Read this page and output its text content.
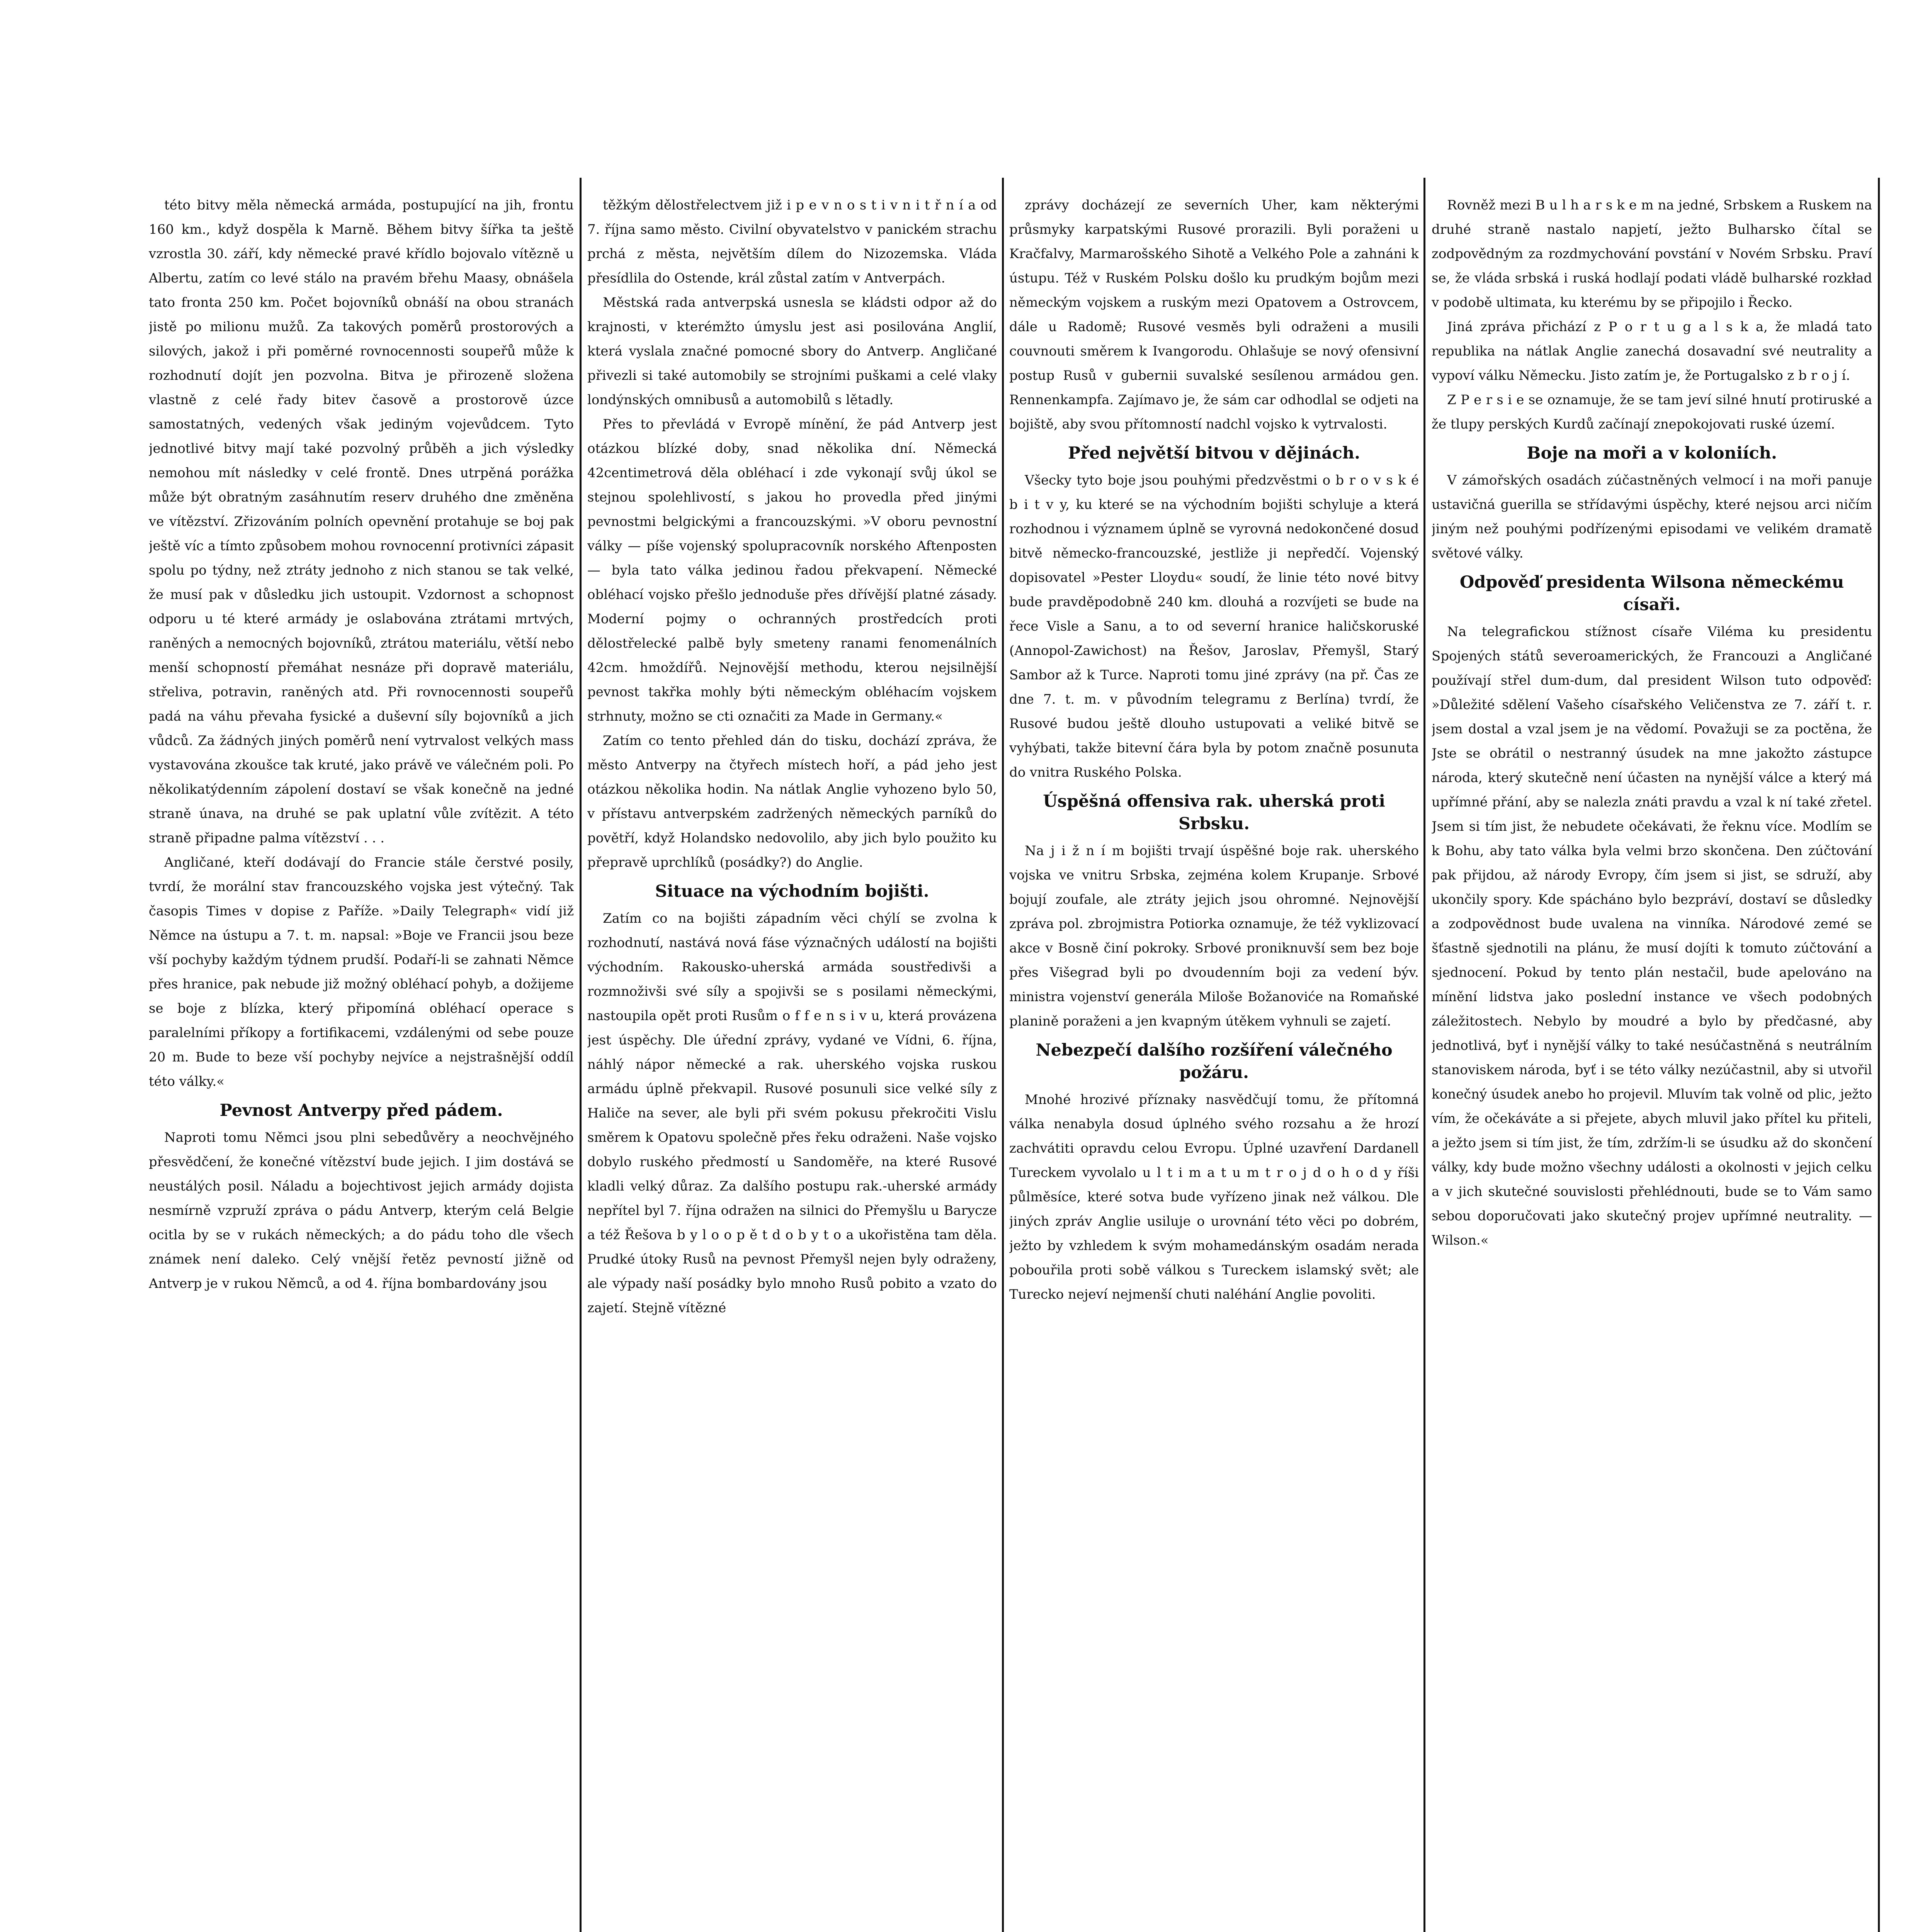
této bitvy měla německá armáda, postupující na jih, frontu 160 km., když dospěla k Marně. Během bitvy šířka ta ještě vzrostla 30. září, kdy německé pravé křídlo bojovalo vítězně u Albertu, zatím co levé stálo na pravém břehu Maasy, obnášela tato fronta 250 km. Počet bojovníků obnáší na obou stranách jistě po milionu mužů. Za takových poměrů prostorových a silových, jakož i při poměrné rovnocennosti soupeřů může k rozhodnutí dojít jen pozvolna. Bitva je přirozeně složena vlastně z celé řady bitev časově a prostorově úzce samostatných, vedených však jediným vojevůdcem. Tyto jednotlivé bitvy mají také pozvolný průběh a jich výsledky nemohou mít následky v celé frontě. Dnes utrpěná porážka může být obratným zasáhnutím reserv druhého dne změněna ve vítězství. Zřizováním polních opevnění protahuje se boj pak ještě víc a tímto způsobem mohou rovnocenní protivníci zápasit spolu po týdny, než ztráty jednoho z nich stanou se tak velké, že musí pak v důsledku jich ustoupit. Vzdornost a schopnost odporu u té které armády je oslabována ztrátami mrtvých, raněných a nemocných bojovníků, ztrátou materiálu, větší nebo menší schopností přemáhat nesnáze při dopravě materiálu, střeliva, potravin, raněných atd. Při rovnocennosti soupeřů padá na váhu převaha fysické a duševní síly bojovníků a jich vůdců. Za žádných jiných poměrů není vytrvalost velkých mass vystavována zkoušce tak kruté, jako právě ve válečném poli. Po několikatýdenním zápolení dostaví se však konečně na jedné straně únava, na druhé se pak uplatní vůle zvítězit. A této straně připadne palma vítězství . . .

Angličané, kteří dodávají do Francie stále čerstvé posily, tvrdí, že morální stav francouzského vojska jest výtečný. Tak časopis Times v dopise z Paříže. »Daily Telegraph« vidí již Němce na ústupu a 7. t. m. napsal: »Boje ve Francii jsou beze vší pochyby každým týdnem prudší. Podaří-li se zahnati Němce přes hranice, pak nebude již možný obléhací pohyb, a dožijeme se boje z blízka, který připomíná obléhací operace s paralelními příkopy a fortifikacemi, vzdálenými od sebe pouze 20 m. Bude to beze vší pochyby nejvíce a nejstrašnější oddíl této války.«

Pevnost Antverpy před pádem.

Naproti tomu Němci jsou plni sebedůvěry a neochvějného přesvědčení, že konečné vítězství bude jejich. I jim dostává se neustálých posil. Náladu a bojechtivost jejich armády dojista nesmírně vzpruží zpráva o pádu Antverp, kterým celá Belgie ocitla by se v rukách německých; a do pádu toho dle všech známek není daleko. Celý vnější řetěz pevností jižně od Antverp je v rukou Němců, a od 4. října bombardovány jsou

těžkým dělostřelectvem již i p e v n o s t i v n i t ř n í a od 7. října samo město. Civilní obyvatelstvo v panickém strachu prchá z města, největším dílem do Nizozemska. Vláda přesídlila do Ostende, král zůstal zatím v Antverpách.

Městská rada antverpská usnesla se kládsti odpor až do krajnosti, v kterémžto úmyslu jest asi posilována Anglií, která vyslala značné pomocné sbory do Antverp. Angličané přivezli si také automobily se strojními puškami a celé vlaky londýnských omnibusů a automobilů s lětadly.

Přes to převládá v Evropě mínění, že pád Antverp jest otázkou blízké doby, snad několika dní. Německá 42centimetrová děla obléhací i zde vykonají svůj úkol se stejnou spolehlivostí, s jakou ho provedla před jinými pevnostmi belgickými a francouzskými. »V oboru pevnostní války — píše vojenský spolupracovník norského Aftenposten — byla tato válka jedinou řadou překvapení. Německé obléhací vojsko přešlo jednoduše přes dřívější platné zásady. Moderní pojmy o ochranných prostředcích proti dělostřelecké palbě byly smeteny ranami fenomenálních 42cm. hmoždířů. Nejnovější methodu, kterou nejsilnější pevnost takřka mohly býti německým obléhacím vojskem strhnuty, možno se cti označiti za Made in Germany.«

Zatím co tento přehled dán do tisku, dochází zpráva, že město Antverpy na čtyřech místech hoří, a pád jeho jest otázkou několika hodin. Na nátlak Anglie vyhozeno bylo 50, v přístavu antverpském zadržených německých parníků do povětří, když Holandsko nedovolilo, aby jich bylo použito ku přepravě uprchlíků (posádky?) do Anglie.

Situace na východním bojišti.

Zatím co na bojišti západním věci chýlí se zvolna k rozhodnutí, nastává nová fáse význačných událostí na bojišti východním. Rakousko-uherská armáda soustředivši a rozmnoživši své síly a spojivši se s posilami německými, nastoupila opět proti Rusům o f f e n s i v u, která provázena jest úspěchy. Dle úřední zprávy, vydané ve Vídni, 6. října, náhlý nápor německé a rak. uherského vojska ruskou armádu úplně překvapil. Rusové posunuli sice velké síly z Haliče na sever, ale byli při svém pokusu překročiti Vislu směrem k Opatovu společně přes řeku odraženi. Naše vojsko dobylo ruského předmostí u Sandoměře, na které Rusové kladli velký důraz. Za dalšího postupu rak.-uherské armády nepřítel byl 7. října odražen na silnici do Přemyšlu u Barycze a též Řešova b y l o o p ě t d o b y t o a ukořistěna tam děla. Prudké útoky Rusů na pevnost Přemyšl nejen byly odraženy, ale výpady naší posádky bylo mnoho Rusů pobito a vzato do zajetí. Stejně vítězné

zprávy docházejí ze severních Uher, kam některými průsmyky karpatskými Rusové prorazili. Byli poraženi u Kračfalvy, Marmarošského Sihotě a Velkého Pole a zahnáni k ústupu. Též v Ruském Polsku došlo ku prudkým bojům mezi německým vojskem a ruským mezi Opatovem a Ostrovcem, dále u Radomě; Rusové vesměs byli odraženi a musili couvnouti směrem k Ivangorodu. Ohlašuje se nový ofensivní postup Rusů v gubernii suvalské sesílenou armádou gen. Rennenkampfa. Zajímavo je, že sám car odhodlal se odjeti na bojiště, aby svou přítomností nadchl vojsko k vytrvalosti.

Před největší bitvou v dějinách.

Všecky tyto boje jsou pouhými předzvěstmi o b r o v s k é b i t v y, ku které se na východním bojišti schyluje a která rozhodnou i významem úplně se vyrovná nedokončené dosud bitvě německo-francouzské, jestliže ji nepředčí. Vojenský dopisovatel »Pester Lloydu« soudí, že linie této nové bitvy bude pravděpodobně 240 km. dlouhá a rozvíjeti se bude na řece Visle a Sanu, a to od severní hranice haličskoruské (Annopol-Zawichost) na Řešov, Jaroslav, Přemyšl, Starý Sambor až k Turce. Naproti tomu jiné zprávy (na př. Čas ze dne 7. t. m. v původním telegramu z Berlína) tvrdí, že Rusové budou ještě dlouho ustupovati a veliké bitvě se vyhýbati, takže bitevní čára byla by potom značně posunuta do vnitra Ruského Polska.

Úspěšná offensiva rak. uherská proti Srbsku.

Na j i ž n í m bojišti trvají úspěšné boje rak. uherského vojska ve vnitru Srbska, zejména kolem Krupanje. Srbové bojují zoufale, ale ztráty jejich jsou ohromné. Nejnovější zpráva pol. zbrojmistra Potiorka oznamuje, že též vyklizovací akce v Bosně činí pokroky. Srbové proniknuvší sem bez boje přes Višegrad byli po dvoudenním boji za vedení býv. ministra vojenství generála Miloše Božanoviće na Romaňské planině poraženi a jen kvapným útěkem vyhnuli se zajetí.

Nebezpečí dalšího rozšíření válečného požáru.

Mnohé hrozivé příznaky nasvědčují tomu, že přítomná válka nenabyla dosud úplného svého rozsahu a že hrozí zachvátiti opravdu celou Evropu. Úplné uzavření Dardanell Tureckem vyvolalo u l t i m a t u m t r o j d o h o d y říši půlměsíce, které sotva bude vyřízeno jinak než válkou. Dle jiných zpráv Anglie usiluje o urovnání této věci po dobrém, ježto by vzhledem k svým mohamedánským osadám nerada pobouřila proti sobě válkou s Tureckem islamský svět; ale Turecko nejeví nejmenší chuti naléhání Anglie povoliti.

Rovněž mezi B u l h a r s k e m na jedné, Srbskem a Ruskem na druhé straně nastalo napjetí, ježto Bulharsko čítal se zodpovědným za rozdmychování povstání v Novém Srbsku. Praví se, že vláda srbská i ruská hodlají podati vládě bulharské rozkład v podobě ultimata, ku kterému by se připojilo i Řecko.

Jiná zpráva přichází z P o r t u g a l s k a, že mladá tato republika na nátlak Anglie zanechá dosavadní své neutrality a vypoví válku Německu. Jisto zatím je, že Portugalsko z b r o j í.

Z P e r s i e se oznamuje, že se tam jeví silné hnutí protiruské a že tlupy perských Kurdů začínají znepokojovati ruské území.

Boje na moři a v koloniích.

V zámořských osadách zúčastněných velmocí i na moři panuje ustavičná guerilla se střídavými úspěchy, které nejsou arci ničím jiným než pouhými podřízenými episodami ve velikém dramatě světové války.

Odpověď presidenta Wilsona německému císaři.

Na telegrafickou stížnost císaře Viléma ku presidentu Spojených států severoamerických, že Francouzi a Angličané používají střel dum-dum, dal president Wilson tuto odpověď: »Důležité sdělení Vašeho císařského Veličenstva ze 7. září t. r. jsem dostal a vzal jsem je na vědomí. Považuji se za poctěna, že Jste se obrátil o nestranný úsudek na mne jakožto zástupce národa, který skutečně není účasten na nynější válce a který má upřímné přání, aby se nalezla znáti pravdu a vzal k ní také zřetel. Jsem si tím jist, že nebudete očekávati, že řeknu více. Modlím se k Bohu, aby tato válka byla velmi brzo skončena. Den zúčtování pak přijdou, až národy Evropy, čím jsem si jist, se sdruží, aby ukončily spory. Kde spácháno bylo bezpráví, dostaví se důsledky a zodpovědnost bude uvalena na vinníka. Národové zemé se šťastně sjednotili na plánu, že musí dojíti k tomuto zúčtování a sjednocení. Pokud by tento plán nestačil, bude apelováno na mínění lidstva jako poslední instance ve všech podobných záležitostech. Nebylo by moudré a bylo by předčasné, aby jednotlivá, byť i nynější války to také nesúčastněná s neutrálním stanoviskem národa, byť i se této války nezúčastnil, aby si utvořil konečný úsudek anebo ho projevil. Mluvím tak volně od plic, ježto vím, že očekáváte a si přejete, abych mluvil jako přítel ku přiteli, a ježto jsem si tím jist, že tím, zdržím-li se úsudku až do skončení války, kdy bude možno všechny události a okolnosti v jejich celku a v jich skutečné souvislosti přehlédnouti, bude se to Vám samo sebou doporučovati jako skutečný projev upřímné neutrality. — Wilson.«
